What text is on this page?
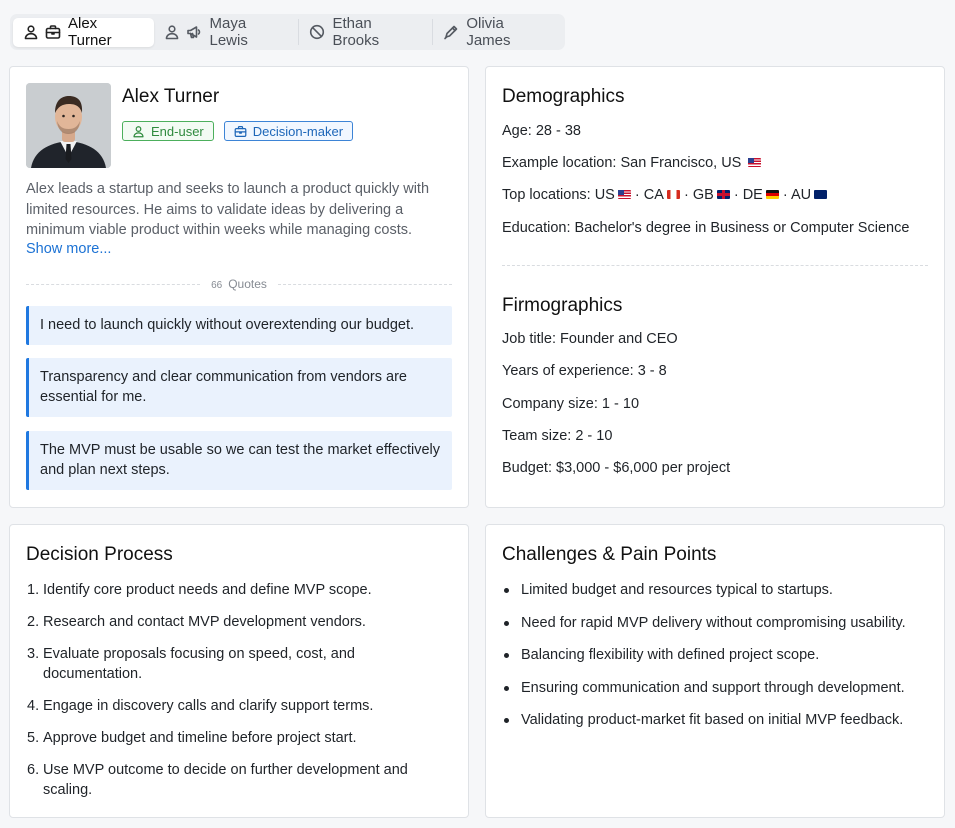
Alex Turner
Maya Lewis
Ethan Brooks
Olivia James
Alex Turner
End-user	Decision-maker
Alex leads a startup and seeks to launch a product quickly with limited resources. He aims to validate ideas by delivering a minimum viable product within weeks while managing costs.
Show more...
66 Quotes
I need to launch quickly without overextending our budget.
Transparency and clear communication from vendors are essential for me.
The MVP must be usable so we can test the market effectively and plan next steps.
Demographics
Age: 28 - 38
Example location: San Francisco, US
Top locations: US · CA · GB · DE · AU
Education: Bachelor's degree in Business or Computer Science
Firmographics
Job title: Founder and CEO
Years of experience: 3 - 8
Company size: 1 - 10
Team size: 2 - 10
Budget: $3,000 - $6,000 per project
Decision Process
1. Identify core product needs and define MVP scope.
2. Research and contact MVP development vendors.
3. Evaluate proposals focusing on speed, cost, and documentation.
4. Engage in discovery calls and clarify support terms.
5. Approve budget and timeline before project start.
6. Use MVP outcome to decide on further development and scaling.
Challenges & Pain Points
Limited budget and resources typical to startups.
Need for rapid MVP delivery without compromising usability.
Balancing flexibility with defined project scope.
Ensuring communication and support through development.
Validating product-market fit based on initial MVP feedback.
